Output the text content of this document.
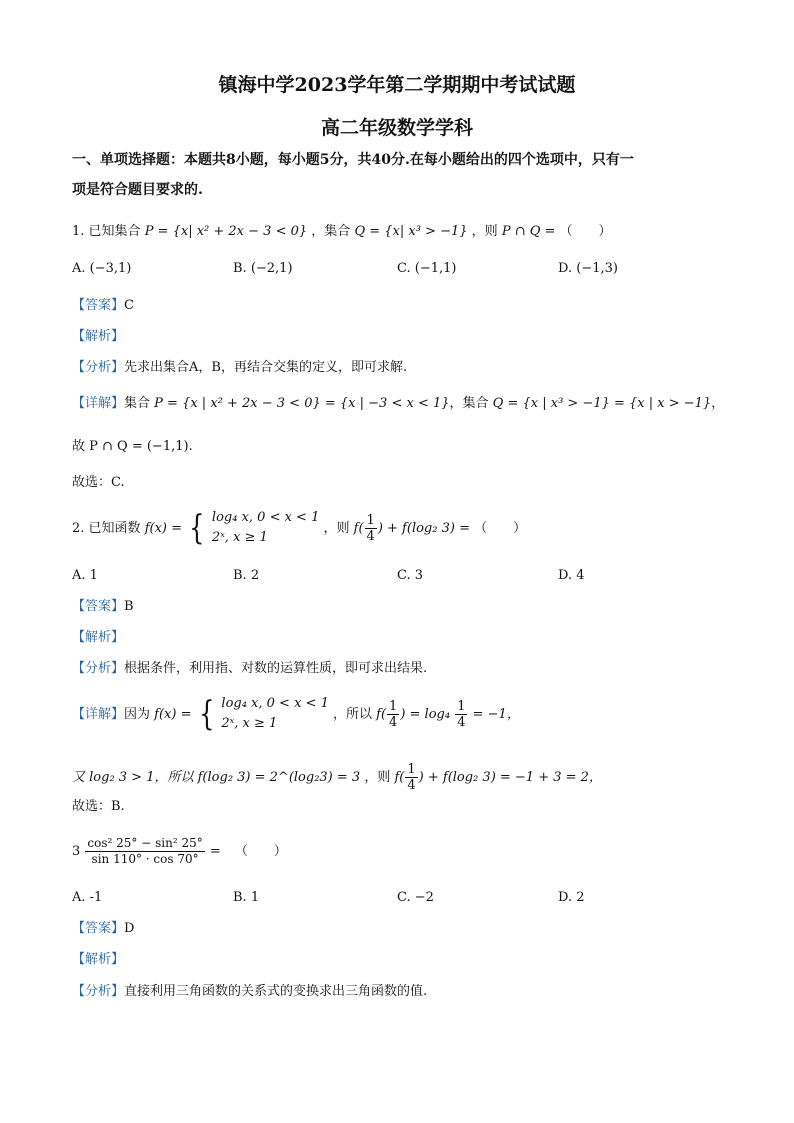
镇海中学2023学年第二学期期中考试试题
高二年级数学学科
一、单项选择题：本题共8小题，每小题5分，共40分.在每小题给出的四个选项中，只有一
项是符合题目要求的.
1. 已知集合 P = {x| x² + 2x − 3 < 0} ，集合 Q = {x| x³ > −1} ，则 P ∩ Q = （　　）
A. (−3,1)	B. (−2,1)	C. (−1,1)	D. (−1,3)
【答案】C
【解析】
【分析】先求出集合A，B，再结合交集的定义，即可求解.
【详解】集合 P = {x | x² + 2x − 3 < 0} = {x | −3 < x < 1}，集合 Q = {x | x³ > −1} = {x | x > −1}，
故 P ∩ Q = (−1,1).
故选：C.
2. 已知函数 f(x) = { log₄ x, 0 < x < 1
2ˣ, x ≥ 1
，则 $f( \frac{1}{4}$ ) + f(log₂ 3) = （　　）
A. 1	B. 2	C. 3	D. 4
【答案】B
【解析】
【分析】根据条件，利用指、对数的运算性质，即可求出结果.
【详解】因为 f(x) = { log₄ x, 0 < x < 1
2ˣ, x ≥ 1
，所以 $f( \frac{1}{4}$ ) = $\log_4 \frac{1}{4} = -1$，
又 log₂ 3 > 1，所以 f(log₂ 3) = 2^(log₂3) = 3 ，则 $f( \frac{1}{4}$ ) + f(log₂ 3) = −1 + 3 = 2，
故选：B.
$3 \frac{\text{cos² 25° − sin² 25°}}{\sin 110^\circ \cdot \cos 70^\circ}$ = （　　）
A. -1	B. 1	C. −2	D. 2
【答案】D
【解析】
【分析】直接利用三角函数的关系式的变换求出三角函数的值.
